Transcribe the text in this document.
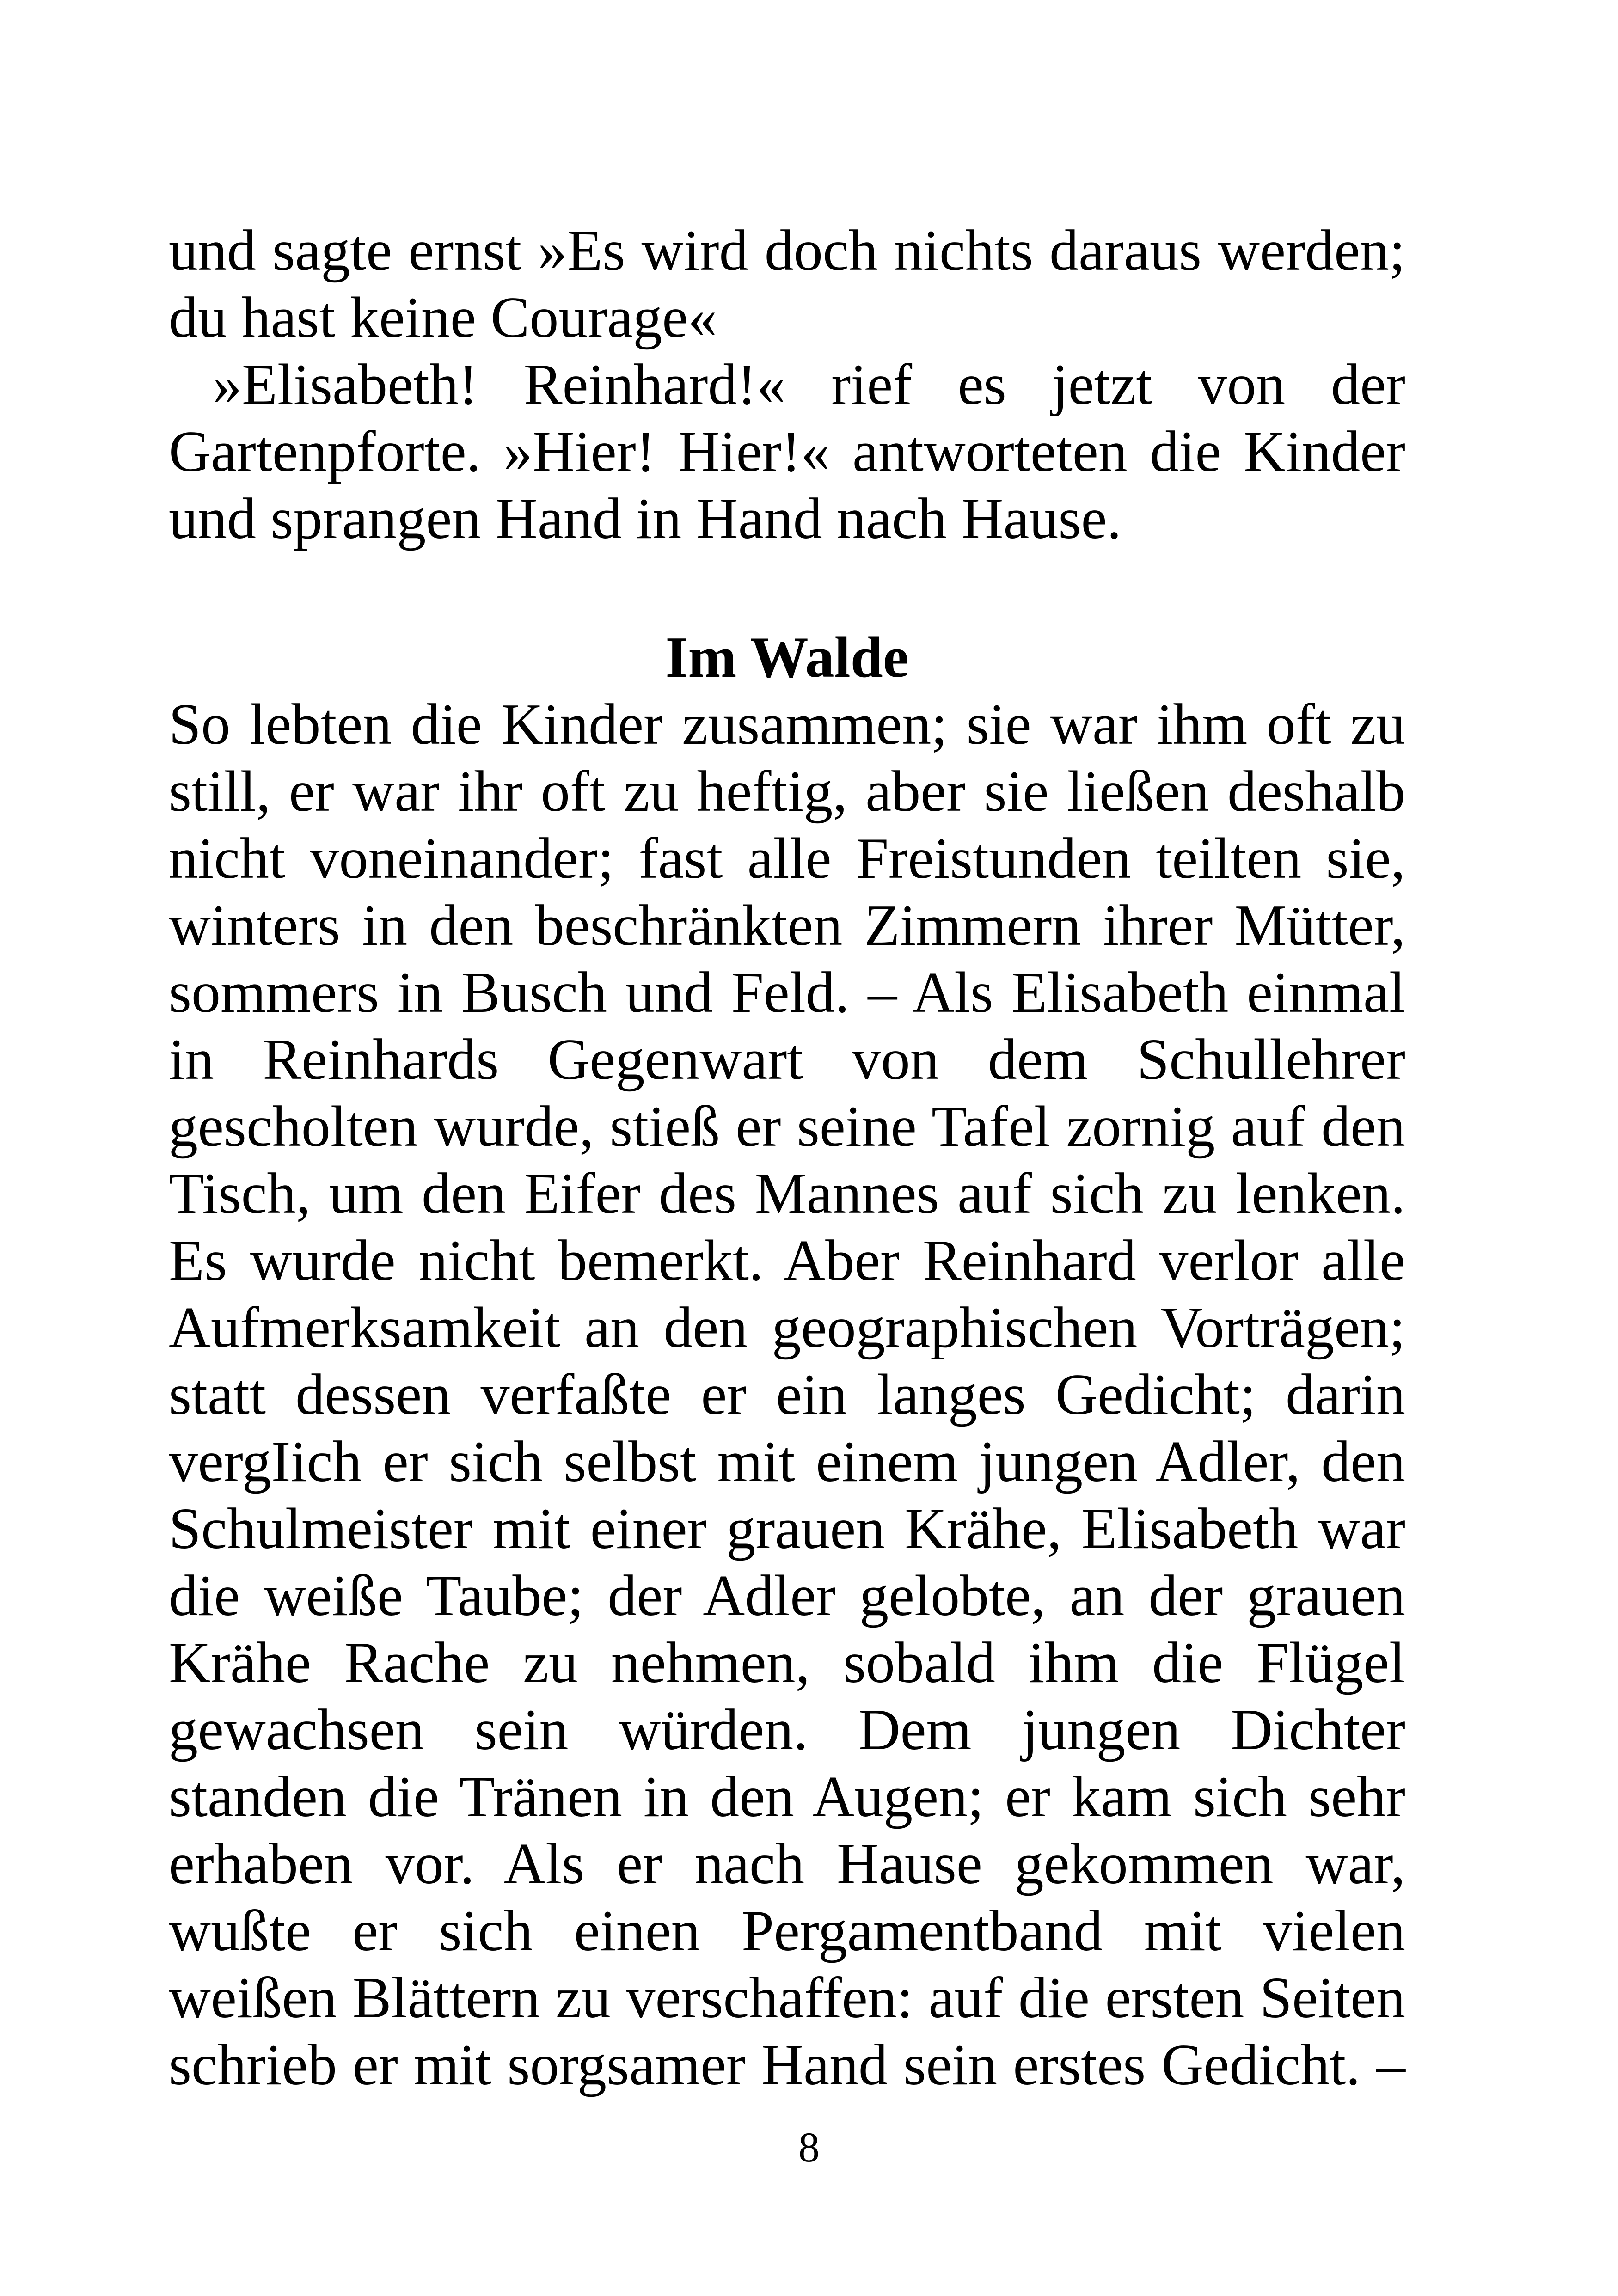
und sagte ernst »Es wird doch nichts daraus werden;
du hast keine Courage«
»Elisabeth! Reinhard!« rief es jetzt von der
Gartenpforte. »Hier! Hier!« antworteten die Kinder
und sprangen Hand in Hand nach Hause.
Im Walde
So lebten die Kinder zusammen; sie war ihm oft zu
still, er war ihr oft zu heftig, aber sie ließen deshalb
nicht voneinander; fast alle Freistunden teilten sie,
winters in den beschränkten Zimmern ihrer Mütter,
sommers in Busch und Feld. – Als Elisabeth einmal
in Reinhards Gegenwart von dem Schullehrer
gescholten wurde, stieß er seine Tafel zornig auf den
Tisch, um den Eifer des Mannes auf sich zu lenken.
Es wurde nicht bemerkt. Aber Reinhard verlor alle
Aufmerksamkeit an den geographischen Vorträgen;
statt dessen verfaßte er ein langes Gedicht; darin
vergIich er sich selbst mit einem jungen Adler, den
Schulmeister mit einer grauen Krähe, Elisabeth war
die weiße Taube; der Adler gelobte, an der grauen
Krähe Rache zu nehmen, sobald ihm die Flügel
gewachsen sein würden. Dem jungen Dichter
standen die Tränen in den Augen; er kam sich sehr
erhaben vor. Als er nach Hause gekommen war,
wußte er sich einen Pergamentband mit vielen
weißen Blättern zu verschaffen: auf die ersten Seiten
schrieb er mit sorgsamer Hand sein erstes Gedicht. –
8
